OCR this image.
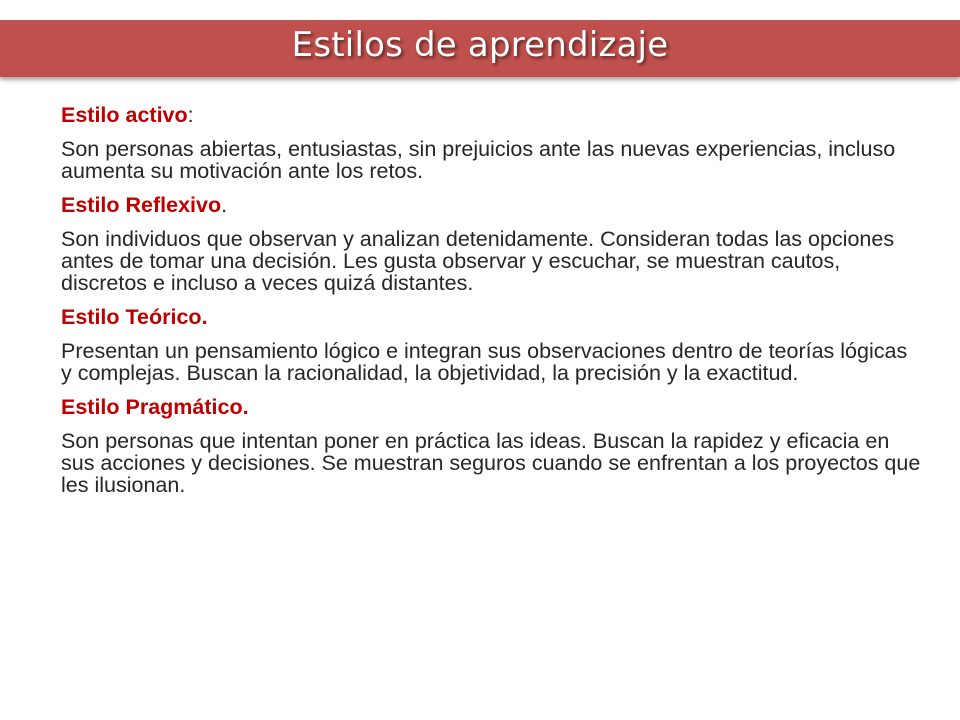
Estilos de aprendizaje
Estilo activo:
Son personas abiertas, entusiastas, sin prejuicios ante las nuevas experiencias, incluso aumenta su motivación ante los retos.
Estilo Reflexivo.
Son individuos que observan y analizan detenidamente. Consideran todas las opciones antes de tomar una decisión. Les gusta observar y escuchar, se muestran cautos, discretos e incluso a veces quizá distantes.
Estilo Teórico.
Presentan un pensamiento lógico e integran sus observaciones dentro de teorías lógicas y complejas. Buscan la racionalidad, la objetividad, la precisión y la exactitud.
Estilo Pragmático.
Son personas que intentan poner en práctica las ideas. Buscan la rapidez y eficacia en sus acciones y decisiones. Se muestran seguros cuando se enfrentan a los proyectos que les ilusionan.
